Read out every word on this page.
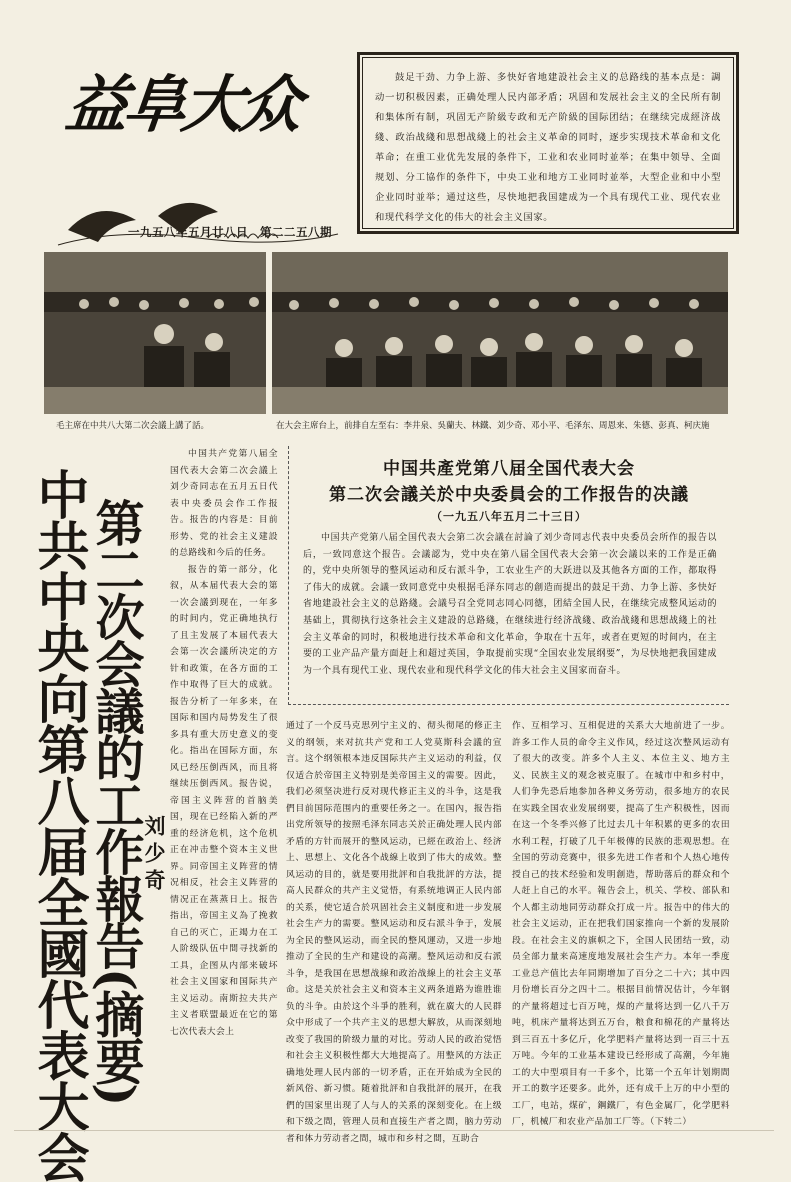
益阜大众
一九五八年五月廿八日 第二二五八期
鼓足干劲、力争上游、多快好省地建設社会主义的总路线的基本点是：調动一切积极因素，正确处理人民内部矛盾；巩固和发展社会主义的全民所有制和集体所有制，巩固无产阶級专政和无产阶級的国际团结；在继续完成經济战綫、政治战綫和思想战綫上的社会主义革命的同时，逐步实现技术革命和文化革命；在重工业优先发展的条件下，工业和农业同时並举；在集中领导、全面规划、分工協作的条件下，中央工业和地方工业同时並举，大型企业和中小型企业同时並举；通过这些，尽快地把我国建成为一个具有现代工业、现代农业和现代科学文化的伟大的社会主义国家。
毛主席在中共八大第二次会議上講了話。	在大会主席台上，前排自左至右：李井泉、吳蘭夫、林鐵、刘少奇、邓小平、毛泽东、周恩来、朱德、彭真、柯庆施
中共中央向第八届全國代表大会 第二次会議的工作報告(摘要)
刘少奇

中国共产党第八届全国代表大会第二次会議上刘少奇同志在五月五日代表中央委员会作工作报告。报告的内容是：目前形势、党的社会主义建設的总路线和今后的任务。

报告的第一部分，化叙，从本届代表大会的第一次会議到现在，一年多的时间内，党正确地执行了且主发展了本届代表大会第一次会議所决定的方针和政策，在各方面的工作中取得了巨大的成就。报告分析了一年多来，在国际和国内局势发生了很多具有重大历史意义的变化。指出在国际方面，东风已经压倒西风，而且将继续压倒西风。报告说，帝国主义阵营的首脑美国，现在已经陷入新的严重的经济危机，这个危机正在冲击整个资本主义世界。同帝国主义阵营的情况相反，社会主义阵营的情况正在蒸蒸日上。报告指出，帝国主义為了挽救自己的灭亡，正竭力在工人阶级队伍中間寻找新的工具，企图从内部来破坏社会主义国家和国际共产主义运动。南斯拉夫共产主义者联盟最近在它的第七次代表大会上

中国共產党第八届全国代表大会
第二次会議关於中央委員会的工作报告的决議
（一九五八年五月二十三日）
中国共产党第八届全国代表大会第二次会議在討論了刘少奇同志代表中央委员会所作的报告以后，一致同意这个报告。会議認为，党中央在第八届全国代表大会第一次会議以来的工作是正确的，党中央所领导的整风运动和反右派斗争，工农业生产的大跃进以及其他各方面的工作，都取得了伟大的成就。会議一致同意党中央根据毛泽东同志的創造而提出的鼓足干劲、力争上游、多快好省地建設社会主义的总路綫。会議号召全党同志同心同德，团結全国人民，在继续完成整风运动的基础上，貫彻执行这条社会主义建設的总路綫，在继续进行经济战綫、政治战綫和思想战綫上的社会主义革命的同时，积极地进行技术革命和文化革命，争取在十五年，或者在更短的时间内，在主要的工业产品产量方面赶上和超过英国，争取提前实现“全国农业发展纲要”，为尽快地把我国建成为一个具有现代工业、现代农业和现代科学文化的伟大社会主义国家而奋斗。

通过了一个反马克思列宁主义的、彻头彻尾的修正主义的纲领，来对抗共产党和工人党莫斯科会議的宣言。这个纲领根本违反国际共产主义运动的利益，仅仅适合於帝国主义特别是美帝国主义的需要。因此，我们必须坚决进行反对现代修正主义的斗争，这是我們目前国际范围内的重要任务之一。在国內，报告指出党所领导的按照毛泽东同志关於正确处理人民内部矛盾的方针而展开的整风运动，已經在政治上、经济上、思想上、文化各个战線上收到了伟大的成效。整风运动的目的，就是要用批評和自我批評的方法，提高人民群众的共产主义觉悟，有系统地调正人民内部的关系，使它适合於巩固社会主义制度和进一步发展社会生产力的需要。整风运动和反右派斗争于，发展为全民的整风运动，而全民的整风運动，又进一步地推动了全民的生产和建设的高潮。整风运动和反右派斗争，是我国在思想战線和政治战線上的社会主义革命。这是关於社会主义和资本主义两条道路为谁胜谁负的斗争。由於这个斗爭的胜利，就在廣大的人民群众中形成了一个共产主义的思想大解放，从而深刻地改变了我国的阶级力量的对比。劳动人民的政治觉悟和社会主义积极性都大大地提高了。用整风的方法正确地处理人民内部的一切矛盾，正在开始成为全民的新风俗、新习惯。随着批評和自我批評的展开，在我們的国家里出现了人与人的关系的深刻变化。在上级和下级之間，管理人员和直接生产者之間，脑力劳动者和体力劳动者之間，城市和乡村之間，互助合

作、互相学习、互相促进的关系大大地前进了一步。許多工作人员的命令主义作风，经过这次整风运动有了很大的改变。許多个人主义、本位主义、地方主义、民族主义的观念被克服了。在城市中和乡村中，人们争先恐后地参加各种义务劳动，很多地方的农民在实践全国农业发展纲要，提高了生产积极性，因而在这一个冬季兴修了比过去几十年积累的更多的农田水利工程，打破了几千年极傳的民族的悲观思想。在全国的劳动竞赛中，很多先进工作者和个人热心地传授自己的技术经验和发明創造，帮助落后的群众和个人赶上自己的水平。報告会上，机关、学校、部队和个人都主动地同劳动群众打成一片。报告中的伟大的社会主义运动，正在把我们国家推向一个新的发展阶段。在社会主义的旗帜之下，全国人民团结一致，动员全部力量来高速度地发展社会生产力。本年一季度工业总产值比去年同期增加了百分之二十六；其中四月份增长百分之四十二。根据目前情况估计，今年钢的产量将超过七百万吨，煤的产量将达到一亿八千万吨，机床产量将达到五万台，粮食和棉花的产量将达到三百五十多亿斤，化学肥料产量将达到一百三十五万吨。今年的工业基本建设已经形成了高潮，今年施工的大中型項目有一千多个，比第一个五年计划期間开工的数字还要多。此外，还有成千上万的中小型的工厂，电站，煤矿，鋼鐵厂，有色金属厂，化学肥料厂，机械厂和农业产品加工厂等。（下转二）
